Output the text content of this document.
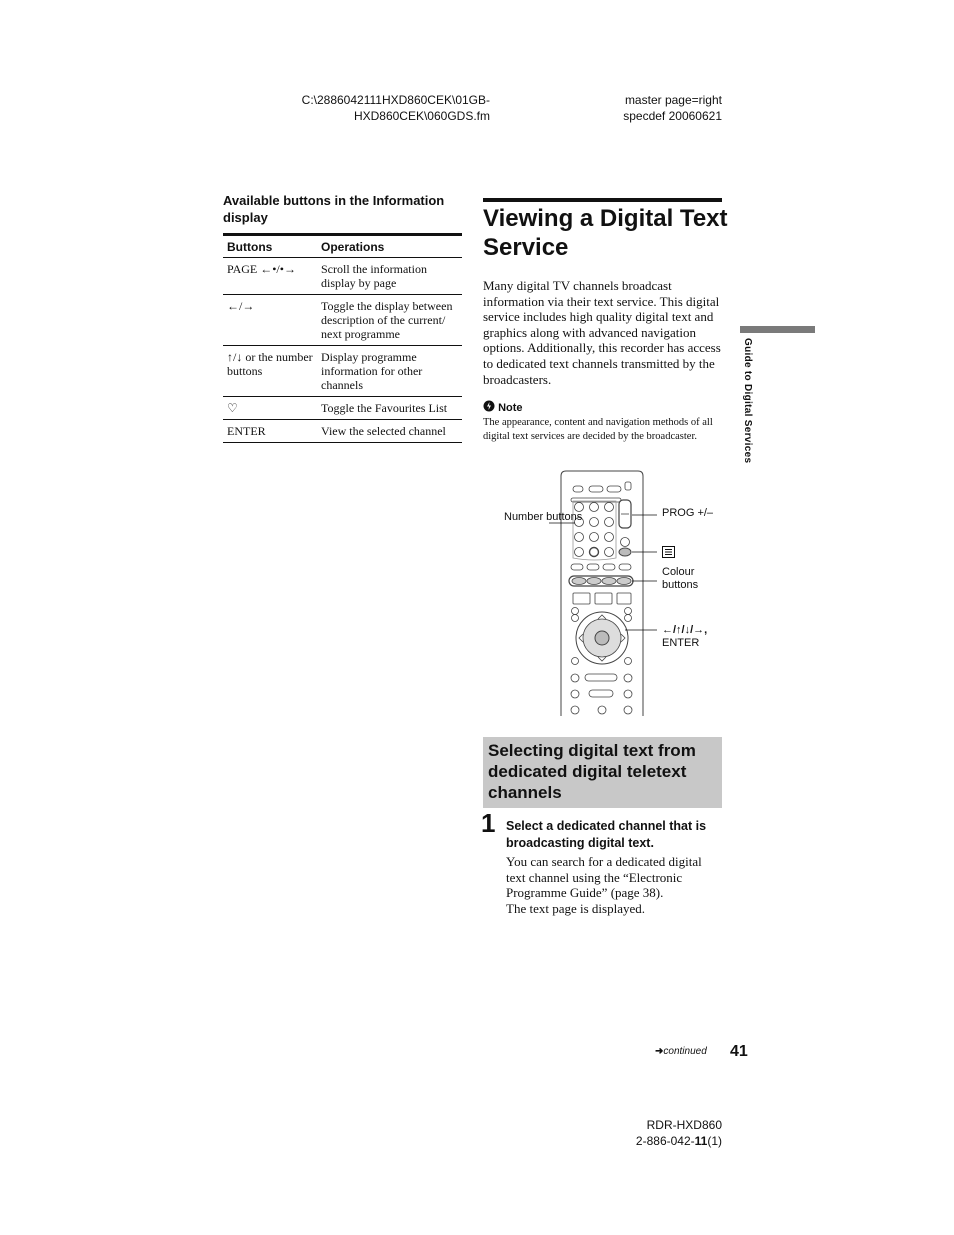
C:\2886042111HXD860CEK\01GB-
HXD860CEK\060GDS.fm
master page=right
specdef 20060621
Available buttons in the Information display
Buttons	Operations
PAGE ←•/•→	Scroll the information display by page
←/→	Toggle the display between description of the current/ next programme
↑/↓ or the number buttons	Display programme information for other channels
♡	Toggle the Favourites List
ENTER	View the selected channel
Viewing a Digital Text Service
Many digital TV channels broadcast information via their text service. This digital service includes high quality digital text and graphics along with advanced navigation options. Additionally, this recorder has access to dedicated text channels transmitted by the broadcasters.
Note
The appearance, content and navigation methods of all digital text services are decided by the broadcaster.
Number buttons	PROG +/–
Colour buttons
←/↑/↓/→,
ENTER
Selecting digital text from dedicated digital teletext channels
1 Select a dedicated channel that is broadcasting digital text.
You can search for a dedicated digital text channel using the “Electronic Programme Guide” (page 38).
The text page is displayed.
Guide to Digital Services
➜continued 41
RDR-HXD860
2-886-042-11(1)
